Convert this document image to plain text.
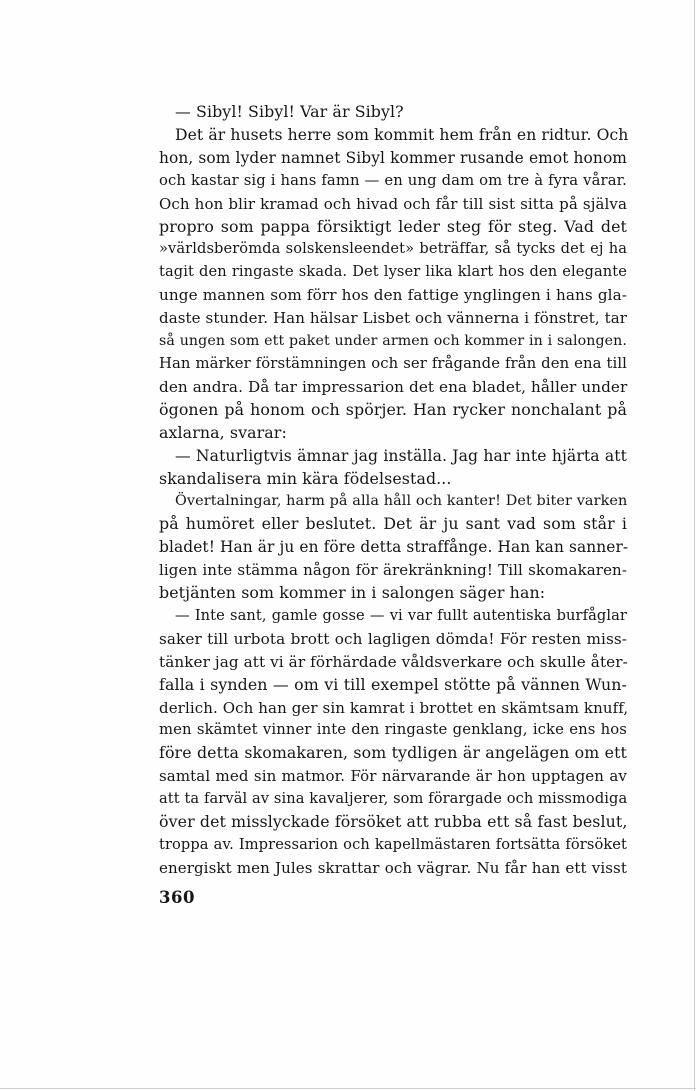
— Sibyl! Sibyl! Var är Sibyl?

Det är husets herre som kommit hem från en ridtur. Och
hon, som lyder namnet Sibyl kommer rusande emot honom
och kastar sig i hans famn — en ung dam om tre à fyra vårar.
Och hon blir kramad och hivad och får till sist sitta på själva
propro som pappa försiktigt leder steg för steg. Vad det
»världsberömda solskensleendet» beträffar, så tycks det ej ha
tagit den ringaste skada. Det lyser lika klart hos den elegante
unge mannen som förr hos den fattige ynglingen i hans gla-
daste stunder. Han hälsar Lisbet och vännerna i fönstret, tar
så ungen som ett paket under armen och kommer in i salongen.
Han märker förstämningen och ser frågande från den ena till
den andra. Då tar impressarion det ena bladet, håller under
ögonen på honom och spörjer. Han rycker nonchalant på
axlarna, svarar:

— Naturligtvis ämnar jag inställa. Jag har inte hjärta att
skandalisera min kära födelsestad...

Övertalningar, harm på alla håll och kanter! Det biter varken
på humöret eller beslutet. Det är ju sant vad som står i
bladet! Han är ju en före detta straffånge. Han kan sanner-
ligen inte stämma någon för ärekränkning! Till skomakaren-
betjänten som kommer in i salongen säger han:

— Inte sant, gamle gosse — vi var fullt autentiska burfåglar
saker till urbota brott och lagligen dömda! För resten miss-
tänker jag att vi är förhärdade våldsverkare och skulle åter-
falla i synden — om vi till exempel stötte på vännen Wun-
derlich. Och han ger sin kamrat i brottet en skämtsam knuff,
men skämtet vinner inte den ringaste genklang, icke ens hos
före detta skomakaren, som tydligen är angelägen om ett
samtal med sin matmor. För närvarande är hon upptagen av
att ta farväl av sina kavaljerer, som förargade och missmodiga
över det misslyckade försöket att rubba ett så fast beslut,
troppa av. Impressarion och kapellmästaren fortsätta försöket
energiskt men Jules skrattar och vägrar. Nu får han ett visst

360
